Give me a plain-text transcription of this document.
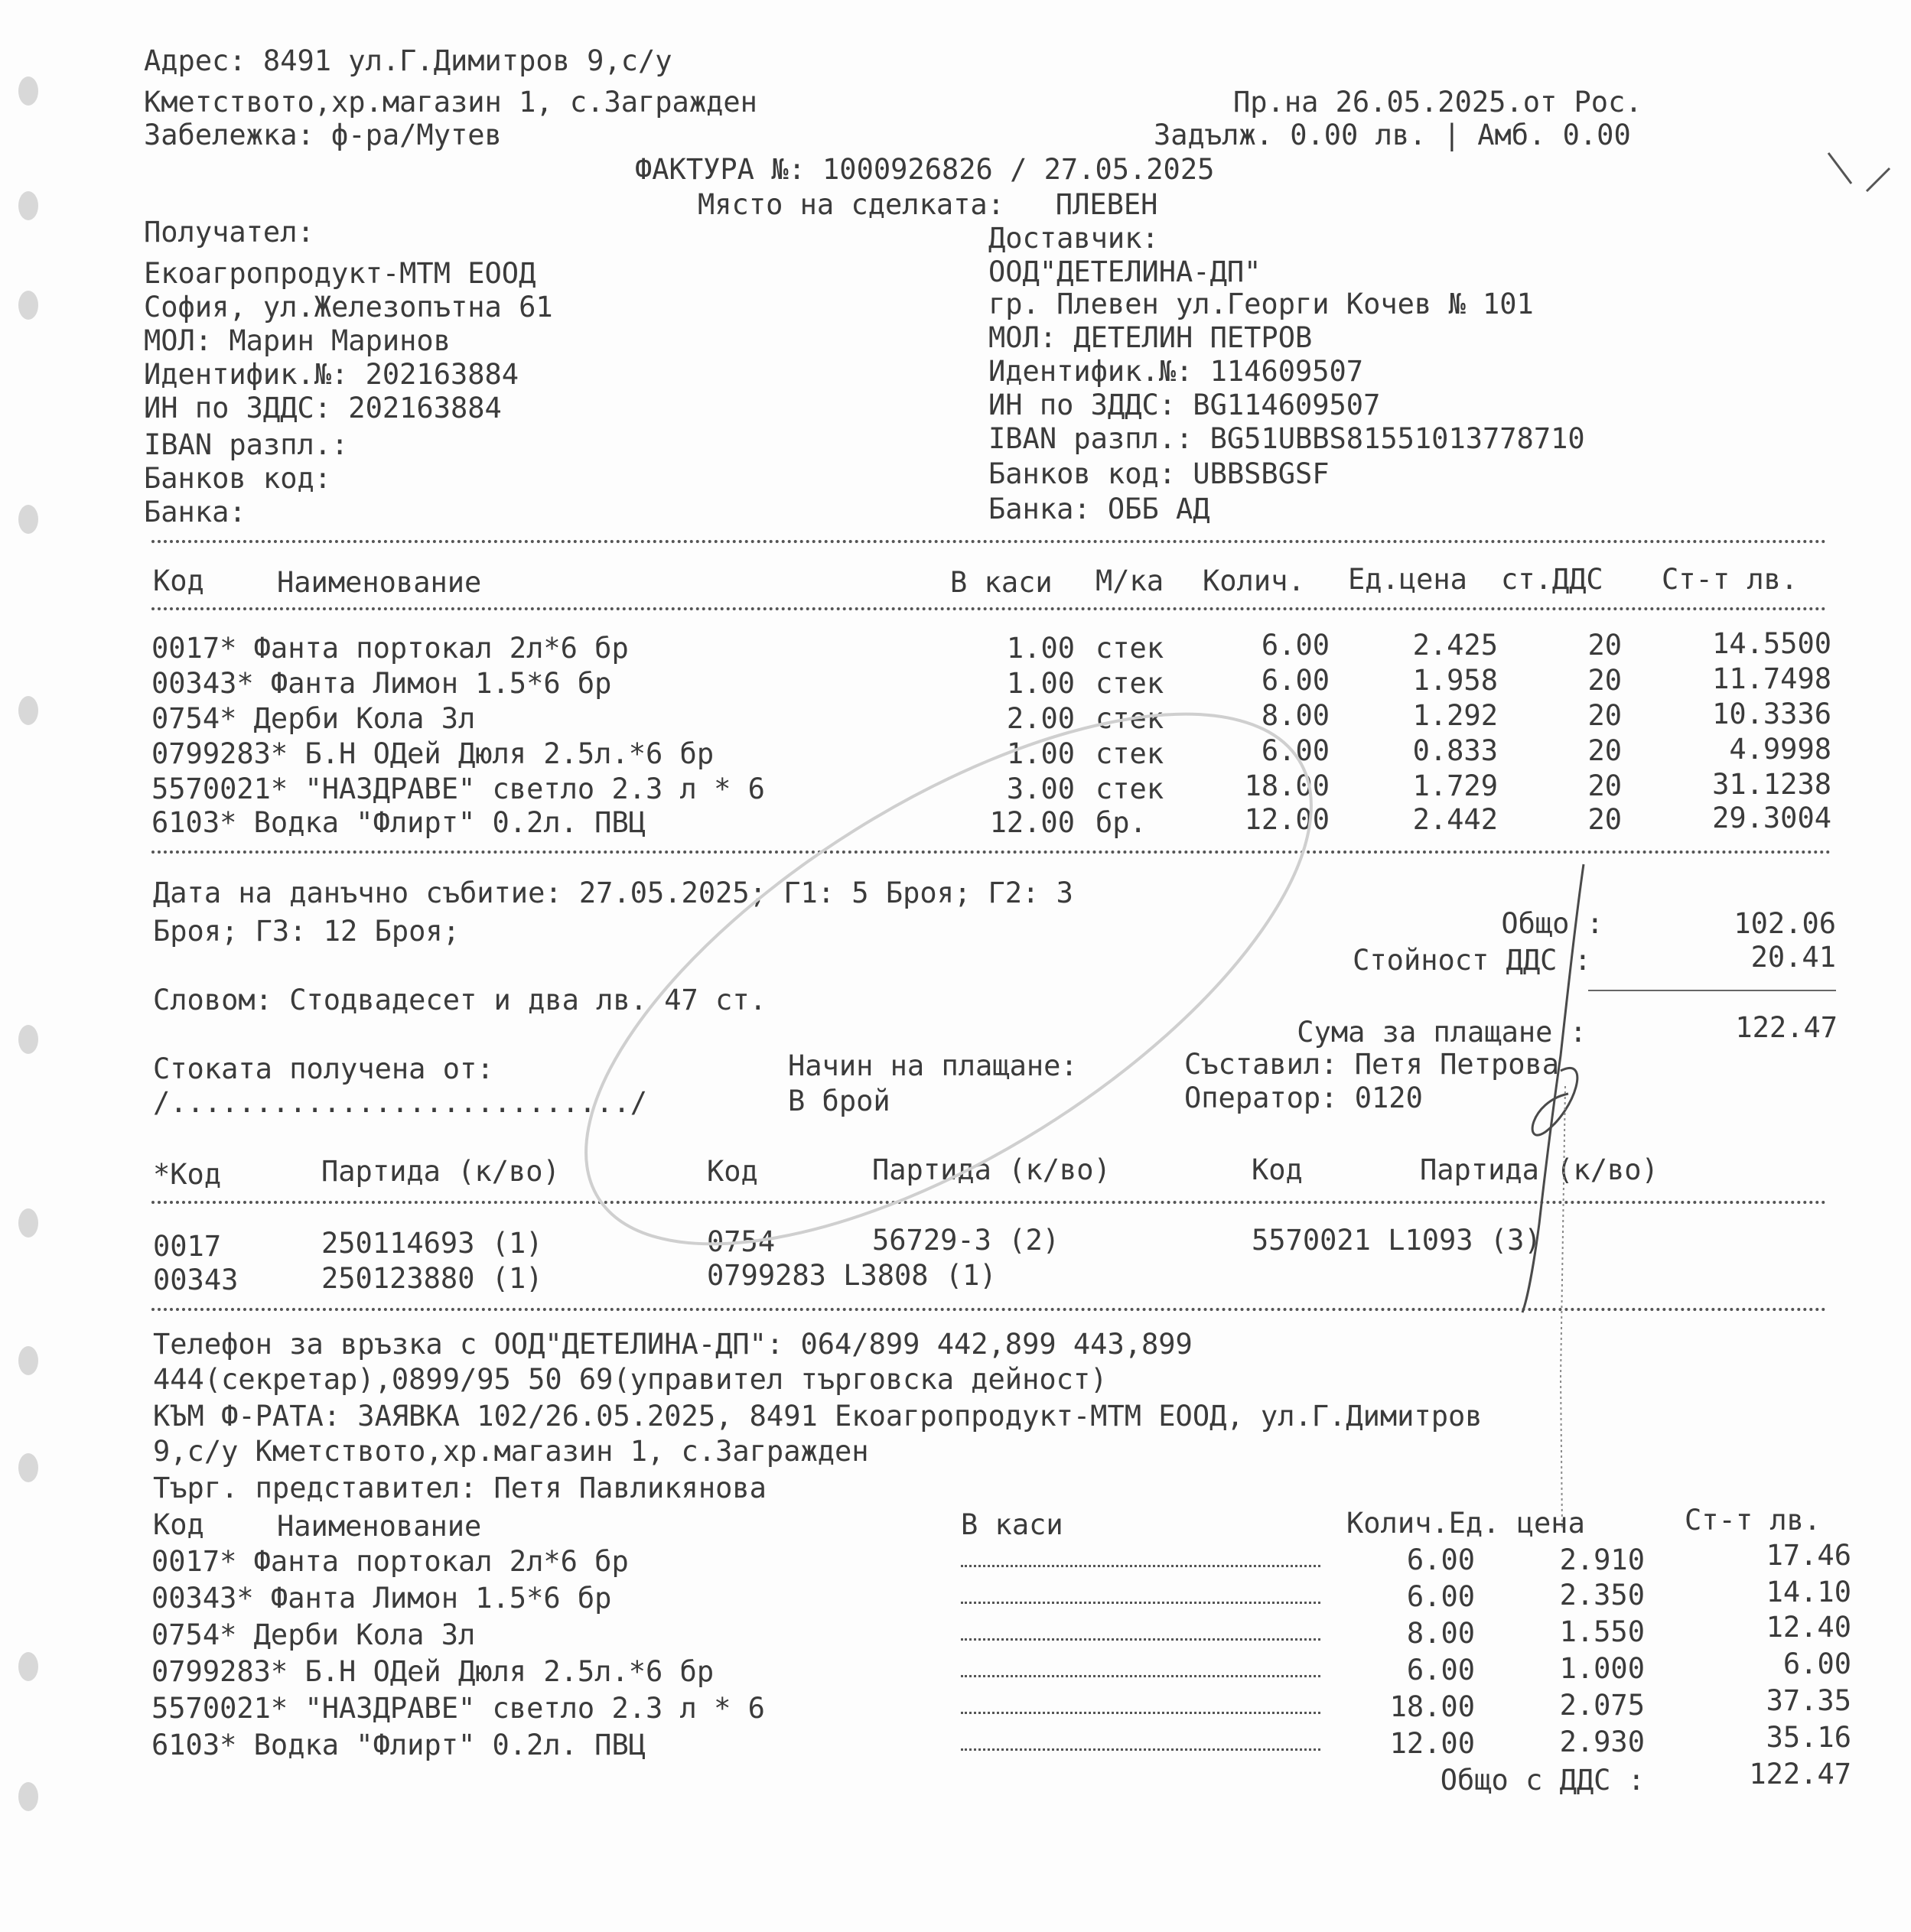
Адрес: 8491 ул.Г.Димитров 9,с/у
Кметството,хр.магазин 1, с.Заграждeн
Забележка: ф-ра/Мутев
Пр.на 26.05.2025.от Рос.
Задълж. 0.00 лв. | Амб. 0.00
ФАКТУРА №: 1000926826 / 27.05.2025
Място на сделката:   ПЛЕВЕН
Получател:
Екоагропродукт-МТМ ЕООД
София, ул.Железопътна 61
МОЛ: Марин Маринов
Идентифик.№: 202163884
ИН по ЗДДС: 202163884
IBAN разпл.:
Банков код:
Банка:
Доставчик:
ООД"ДЕТЕЛИНА-ДП"
гр. Плевен ул.Георги Кочев № 101
МОЛ: ДЕТЕЛИН ПЕТРОВ
Идентифик.№: 114609507
ИН по ЗДДС: BG114609507
IBAN разпл.: BG51UBBS81551013778710
Банков код: UBBSBGSF
Банка: ОББ АД
Код	Наименование	В каси М/ка Колич. Ед.цена ст.ДДС Ст-т лв.
0017* Фанта портокал 2л*6 бр	1.00 стек	6.00	2.425	20	14.5500
00343* Фанта Лимон 1.5*6 бр	1.00 стек	6.00	1.958	20	11.7498
0754* Дерби Кола 3л	2.00 стек	8.00	1.292	20	10.3336
0799283* Б.Н ОДей Дюля 2.5л.*6 бр	1.00 стек	6.00	0.833	20	4.9998
5570021* "НАЗДРАВЕ" светло 2.3 л * 6	3.00 стек	18.00	1.729	20	31.1238
6103* Водка "Флирт" 0.2л. ПВЦ	12.00 бр.	12.00	2.442	20	29.3004
Дата на данъчно събитие: 27.05.2025; Г1: 5 Броя; Г2: 3
Броя; Г3: 12 Броя;	Общо :	102.06
Стойност ДДС :	20.41
Словом: Стодвадесет и два лв. 47 ст.
Сума за плащане :	122.47
Стоката получена от:
/.........................../
Начин на плащане:
В брой
Съставил: Петя Петрова
Оператор: 0120
*Код	Партида (к/во)	Код	Партида (к/во)	Код	Партида (к/во)
0017	250114693 (1)	0754	56729-3 (2)	5570021 L1093 (3)
00343	250123880 (1)	0799283 L3808 (1)
Телефон за връзка с ООД"ДЕТЕЛИНА-ДП": 064/899 442,899 443,899
444(секретар),0899/95 50 69(управител търговска дейност)
КЪМ Ф-РАТА: ЗАЯВКА 102/26.05.2025, 8491 Екоагропродукт-МТМ ЕООД, ул.Г.Димитров
9,с/у Кметството,хр.магазин 1, с.Заграждeн
Търг. представител: Петя Павликянова
Код	Наименование	В каси	Колич.Ед. цена	Ст-т лв.
0017* Фанта портокал 2л*6 бр	6.00	2.910	17.46
00343* Фанта Лимон 1.5*6 бр	6.00	2.350	14.10
0754* Дерби Кола 3л	8.00	1.550	12.40
0799283* Б.Н ОДей Дюля 2.5л.*6 бр	6.00	1.000	6.00
5570021* "НАЗДРАВЕ" светло 2.3 л * 6	18.00	2.075	37.35
6103* Водка "Флирт" 0.2л. ПВЦ	12.00	2.930	35.16
Общо с ДДС :	122.47
